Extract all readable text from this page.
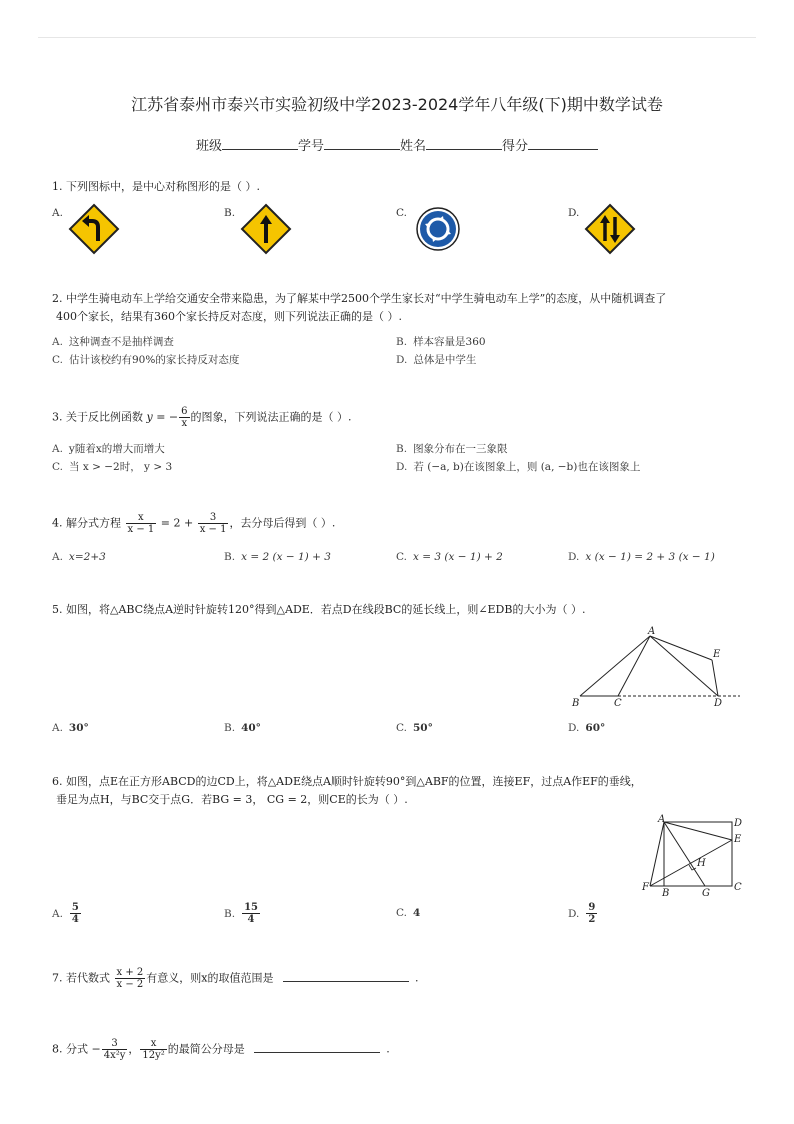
江苏省泰州市泰兴市实验初级中学2023-2024学年八年级(下)期中数学试卷
班级	学号	姓名	得分
1. 下列图标中，是中心对称图形的是（ ）.
A.	B.	C.	D.
2. 中学生骑电动车上学给交通安全带来隐患，为了解某中学2500个学生家长对“中学生骑电动车上学”的态度，从中随机调查了
400个家长，结果有360个家长持反对态度，则下列说法正确的是（ ）.
A. 这种调查不是抽样调查	B. 样本容量是360
C. 估计该校约有90%的家长持反对态度	D. 总体是中学生
3. 关于反比例函数 y = − $\frac{6}{x}$ 的图象，下列说法正确的是（ ）.
A. y随着x的增大而增大	B. 图象分布在一三象限
C. 当 x > −2时， y > 3	D. 若 (−a, b)在该图象上，则 (a, −b)也在该图象上
4. 解分式方程 $\frac{x}{x - 1} = 2 + \frac{3}{x - 1}$ ，去分母后得到（ ）.
A. x=2+3	B. x = 2 (x − 1) + 3	C. x = 3 (x − 1) + 2	D. x (x − 1) = 2 + 3 (x − 1)
5. 如图，将△ABC绕点A逆时针旋转120°得到△ADE．若点D在线段BC的延长线上，则∠EDB的大小为（ ）.
A
E
B	C	D
A. 30°	B. 40°	C. 50°	D. 60°
6. 如图，点E在正方形ABCD的边CD上，将△ADE绕点A顺时针旋转90°到△ABF的位置，连接EF，过点A作EF的垂线，
垂足为点H，与BC交于点G．若BG = 3， CG = 2，则CE的长为（ ）.
A	D
E
H
F
B	G
C
A. $\frac{5}{4}$	B. $\frac{15}{4}$	C. 4	D. $\frac{9}{2}$
7. 若代数式 $\frac{x + 2}{x - 2}$ 有意义，则x的取值范围是	.
8. 分式 − $\frac{3}{\text{4x²y}}$ ， $\frac{x}{\text{12y²}}$ 的最简公分母是	.
